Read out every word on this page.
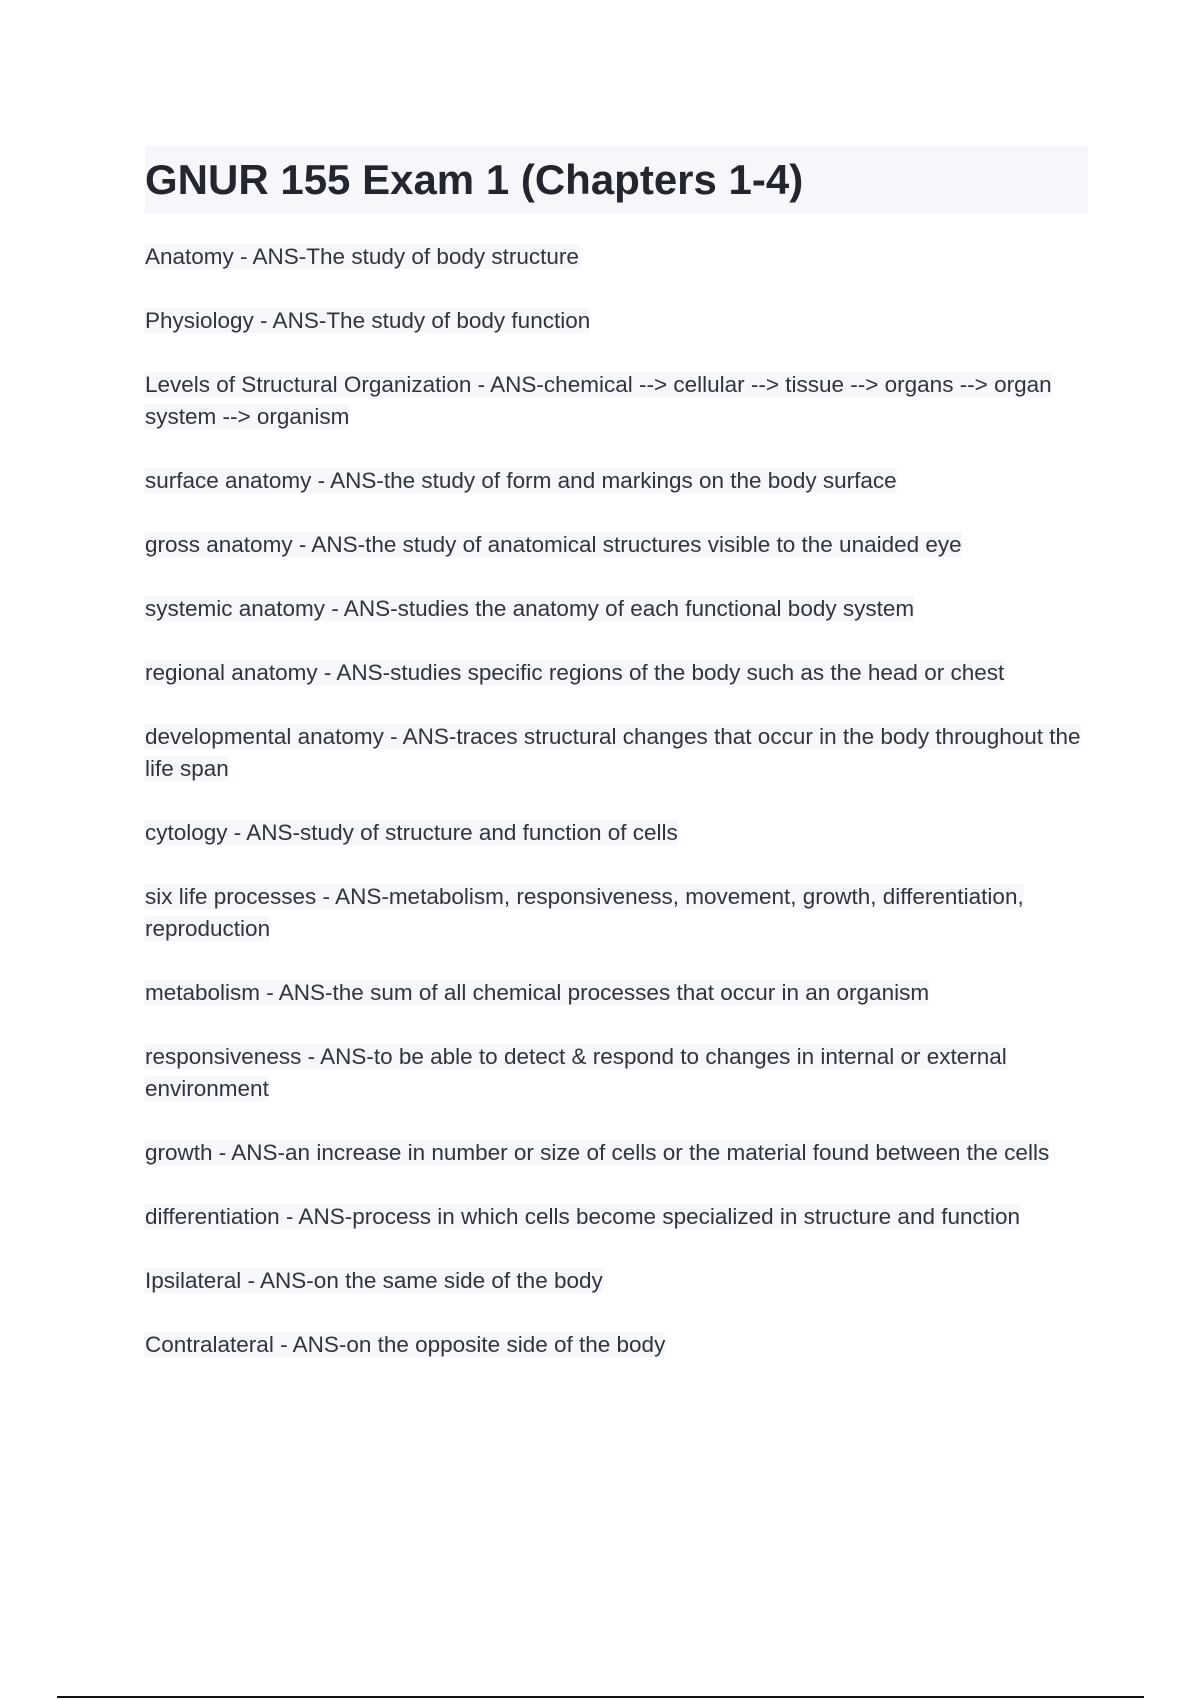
GNUR 155 Exam 1 (Chapters 1-4)

Anatomy - ANS-The study of body structure

Physiology - ANS-The study of body function

Levels of Structural Organization - ANS-chemical --> cellular --> tissue --> organs --> organ system --> organism

surface anatomy - ANS-the study of form and markings on the body surface

gross anatomy - ANS-the study of anatomical structures visible to the unaided eye

systemic anatomy - ANS-studies the anatomy of each functional body system

regional anatomy - ANS-studies specific regions of the body such as the head or chest

developmental anatomy - ANS-traces structural changes that occur in the body throughout the life span

cytology - ANS-study of structure and function of cells

six life processes - ANS-metabolism, responsiveness, movement, growth, differentiation, reproduction

metabolism - ANS-the sum of all chemical processes that occur in an organism

responsiveness - ANS-to be able to detect & respond to changes in internal or external environment

growth - ANS-an increase in number or size of cells or the material found between the cells

differentiation - ANS-process in which cells become specialized in structure and function

Ipsilateral - ANS-on the same side of the body

Contralateral - ANS-on the opposite side of the body
